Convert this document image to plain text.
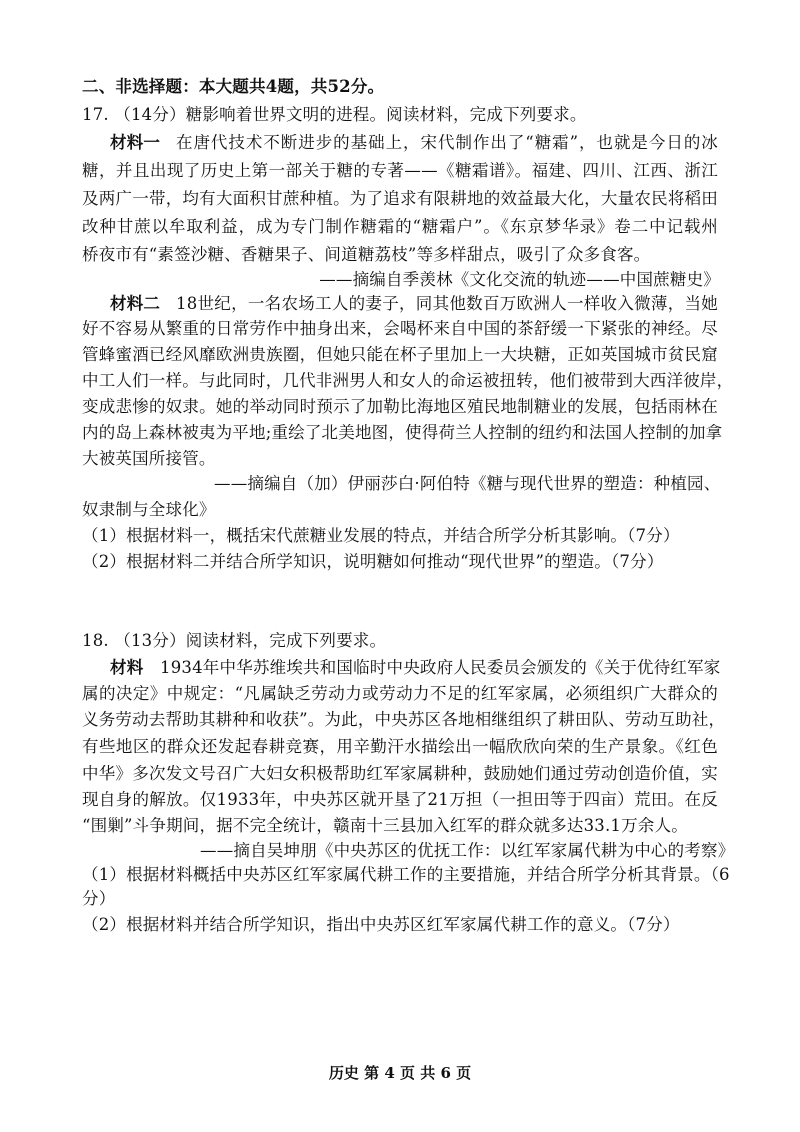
二、非选择题：本大题共4题，共52分。

17. （14分）糖影响着世界文明的进程。阅读材料，完成下列要求。

材料一 在唐代技术不断进步的基础上，宋代制作出了“糖霜”，也就是今日的冰

糖，并且出现了历史上第一部关于糖的专著——《糖霜谱》。福建、四川、江西、浙江

及两广一带，均有大面积甘蔗种植。为了追求有限耕地的效益最大化，大量农民将稻田

改种甘蔗以牟取利益，成为专门制作糖霜的“糖霜户”。《东京梦华录》卷二中记载州

桥夜市有“素签沙糖、香糖果子、间道糖荔枝”等多样甜点，吸引了众多食客。

——摘编自季羡林《文化交流的轨迹——中国蔗糖史》

材料二 18世纪，一名农场工人的妻子，同其他数百万欧洲人一样收入微薄，当她

好不容易从繁重的日常劳作中抽身出来，会喝杯来自中国的茶舒缓一下紧张的神经。尽

管蜂蜜酒已经风靡欧洲贵族圈，但她只能在杯子里加上一大块糖，正如英国城市贫民窟

中工人们一样。与此同时，几代非洲男人和女人的命运被扭转，他们被带到大西洋彼岸，

变成悲惨的奴隶。她的举动同时预示了加勒比海地区殖民地制糖业的发展，包括雨林在

内的岛上森林被夷为平地;重绘了北美地图，使得荷兰人控制的纽约和法国人控制的加拿

大被英国所接管。

——摘编自（加）伊丽莎白·阿伯特《糖与现代世界的塑造：种植园、

奴隶制与全球化》

（1）根据材料一，概括宋代蔗糖业发展的特点，并结合所学分析其影响。（7分）

（2）根据材料二并结合所学知识，说明糖如何推动“现代世界”的塑造。（7分）

18. （13分）阅读材料，完成下列要求。

材料 1934年中华苏维埃共和国临时中央政府人民委员会颁发的《关于优待红军家

属的决定》中规定：“凡属缺乏劳动力或劳动力不足的红军家属，必须组织广大群众的

义务劳动去帮助其耕种和收获”。为此，中央苏区各地相继组织了耕田队、劳动互助社，

有些地区的群众还发起春耕竞赛，用辛勤汗水描绘出一幅欣欣向荣的生产景象。《红色

中华》多次发文号召广大妇女积极帮助红军家属耕种，鼓励她们通过劳动创造价值，实

现自身的解放。仅1933年，中央苏区就开垦了21万担（一担田等于四亩）荒田。在反

“围剿”斗争期间，据不完全统计，赣南十三县加入红军的群众就多达33.1万余人。

——摘自吴坤朋《中央苏区的优抚工作：以红军家属代耕为中心的考察》

（1）根据材料概括中央苏区红军家属代耕工作的主要措施，并结合所学分析其背景。（6

分）

（2）根据材料并结合所学知识，指出中央苏区红军家属代耕工作的意义。（7分）

历史 第 4 页 共 6 页
